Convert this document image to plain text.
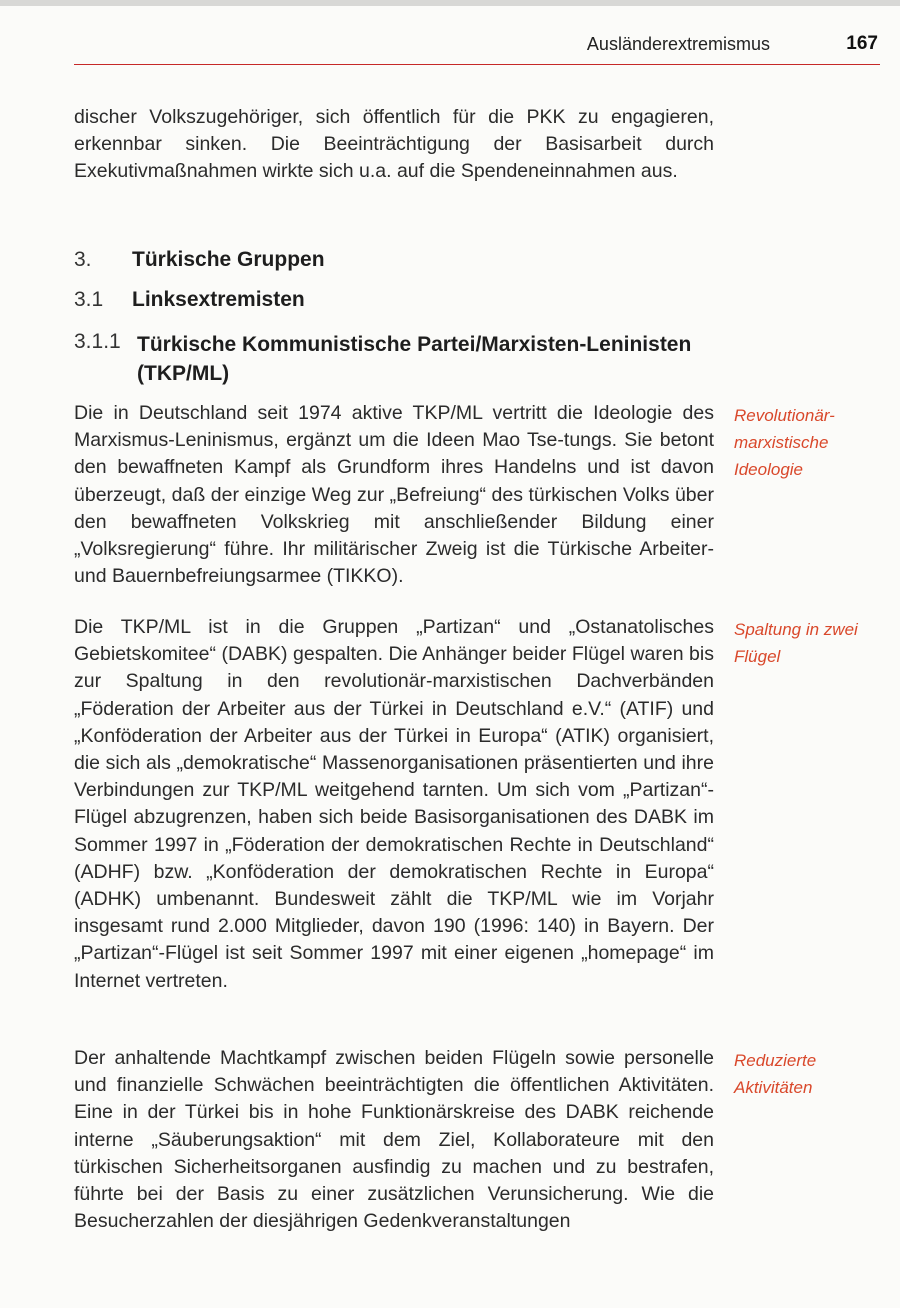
Ausländerextremismus	167

discher Volkszugehöriger, sich öffentlich für die PKK zu engagieren, erkennbar sinken. Die Beeinträchtigung der Basisarbeit durch Exekutivmaßnahmen wirkte sich u.a. auf die Spendeneinnahmen aus.

3. Türkische Gruppen
3.1 Linksextremisten
3.1.1 Türkische Kommunistische Partei/Marxisten-Leninisten (TKP/ML)

Die in Deutschland seit 1974 aktive TKP/ML vertritt die Ideologie des Marxismus-Leninismus, ergänzt um die Ideen Mao Tse-tungs. Sie betont den bewaffneten Kampf als Grundform ihres Handelns und ist davon überzeugt, daß der einzige Weg zur „Befreiung“ des türkischen Volks über den bewaffneten Volkskrieg mit anschließender Bildung einer „Volksregierung“ führe. Ihr militärischer Zweig ist die Türkische Arbeiter- und Bauernbefreiungsarmee (TIKKO).

Revolutionär-marxistische Ideologie

Die TKP/ML ist in die Gruppen „Partizan“ und „Ostanatolisches Gebietskomitee“ (DABK) gespalten. Die Anhänger beider Flügel waren bis zur Spaltung in den revolutionär-marxistischen Dachverbänden „Föderation der Arbeiter aus der Türkei in Deutschland e.V.“ (ATIF) und „Konföderation der Arbeiter aus der Türkei in Europa“ (ATIK) organisiert, die sich als „demokratische“ Massenorganisationen präsentierten und ihre Verbindungen zur TKP/ML weitgehend tarnten. Um sich vom „Partizan“-Flügel abzugrenzen, haben sich beide Basisorganisationen des DABK im Sommer 1997 in „Föderation der demokratischen Rechte in Deutschland“ (ADHF) bzw. „Konföderation der demokratischen Rechte in Europa“ (ADHK) umbenannt. Bundesweit zählt die TKP/ML wie im Vorjahr insgesamt rund 2.000 Mitglieder, davon 190 (1996: 140) in Bayern. Der „Partizan“-Flügel ist seit Sommer 1997 mit einer eigenen „homepage“ im Internet vertreten.

Spaltung in zwei Flügel

Der anhaltende Machtkampf zwischen beiden Flügeln sowie personelle und finanzielle Schwächen beeinträchtigten die öffentlichen Aktivitäten. Eine in der Türkei bis in hohe Funktionärskreise des DABK reichende interne „Säuberungsaktion“ mit dem Ziel, Kollaborateure mit den türkischen Sicherheitsorganen ausfindig zu machen und zu bestrafen, führte bei der Basis zu einer zusätzlichen Verunsicherung. Wie die Besucherzahlen der diesjährigen Gedenkveranstaltungen

Reduzierte Aktivitäten
